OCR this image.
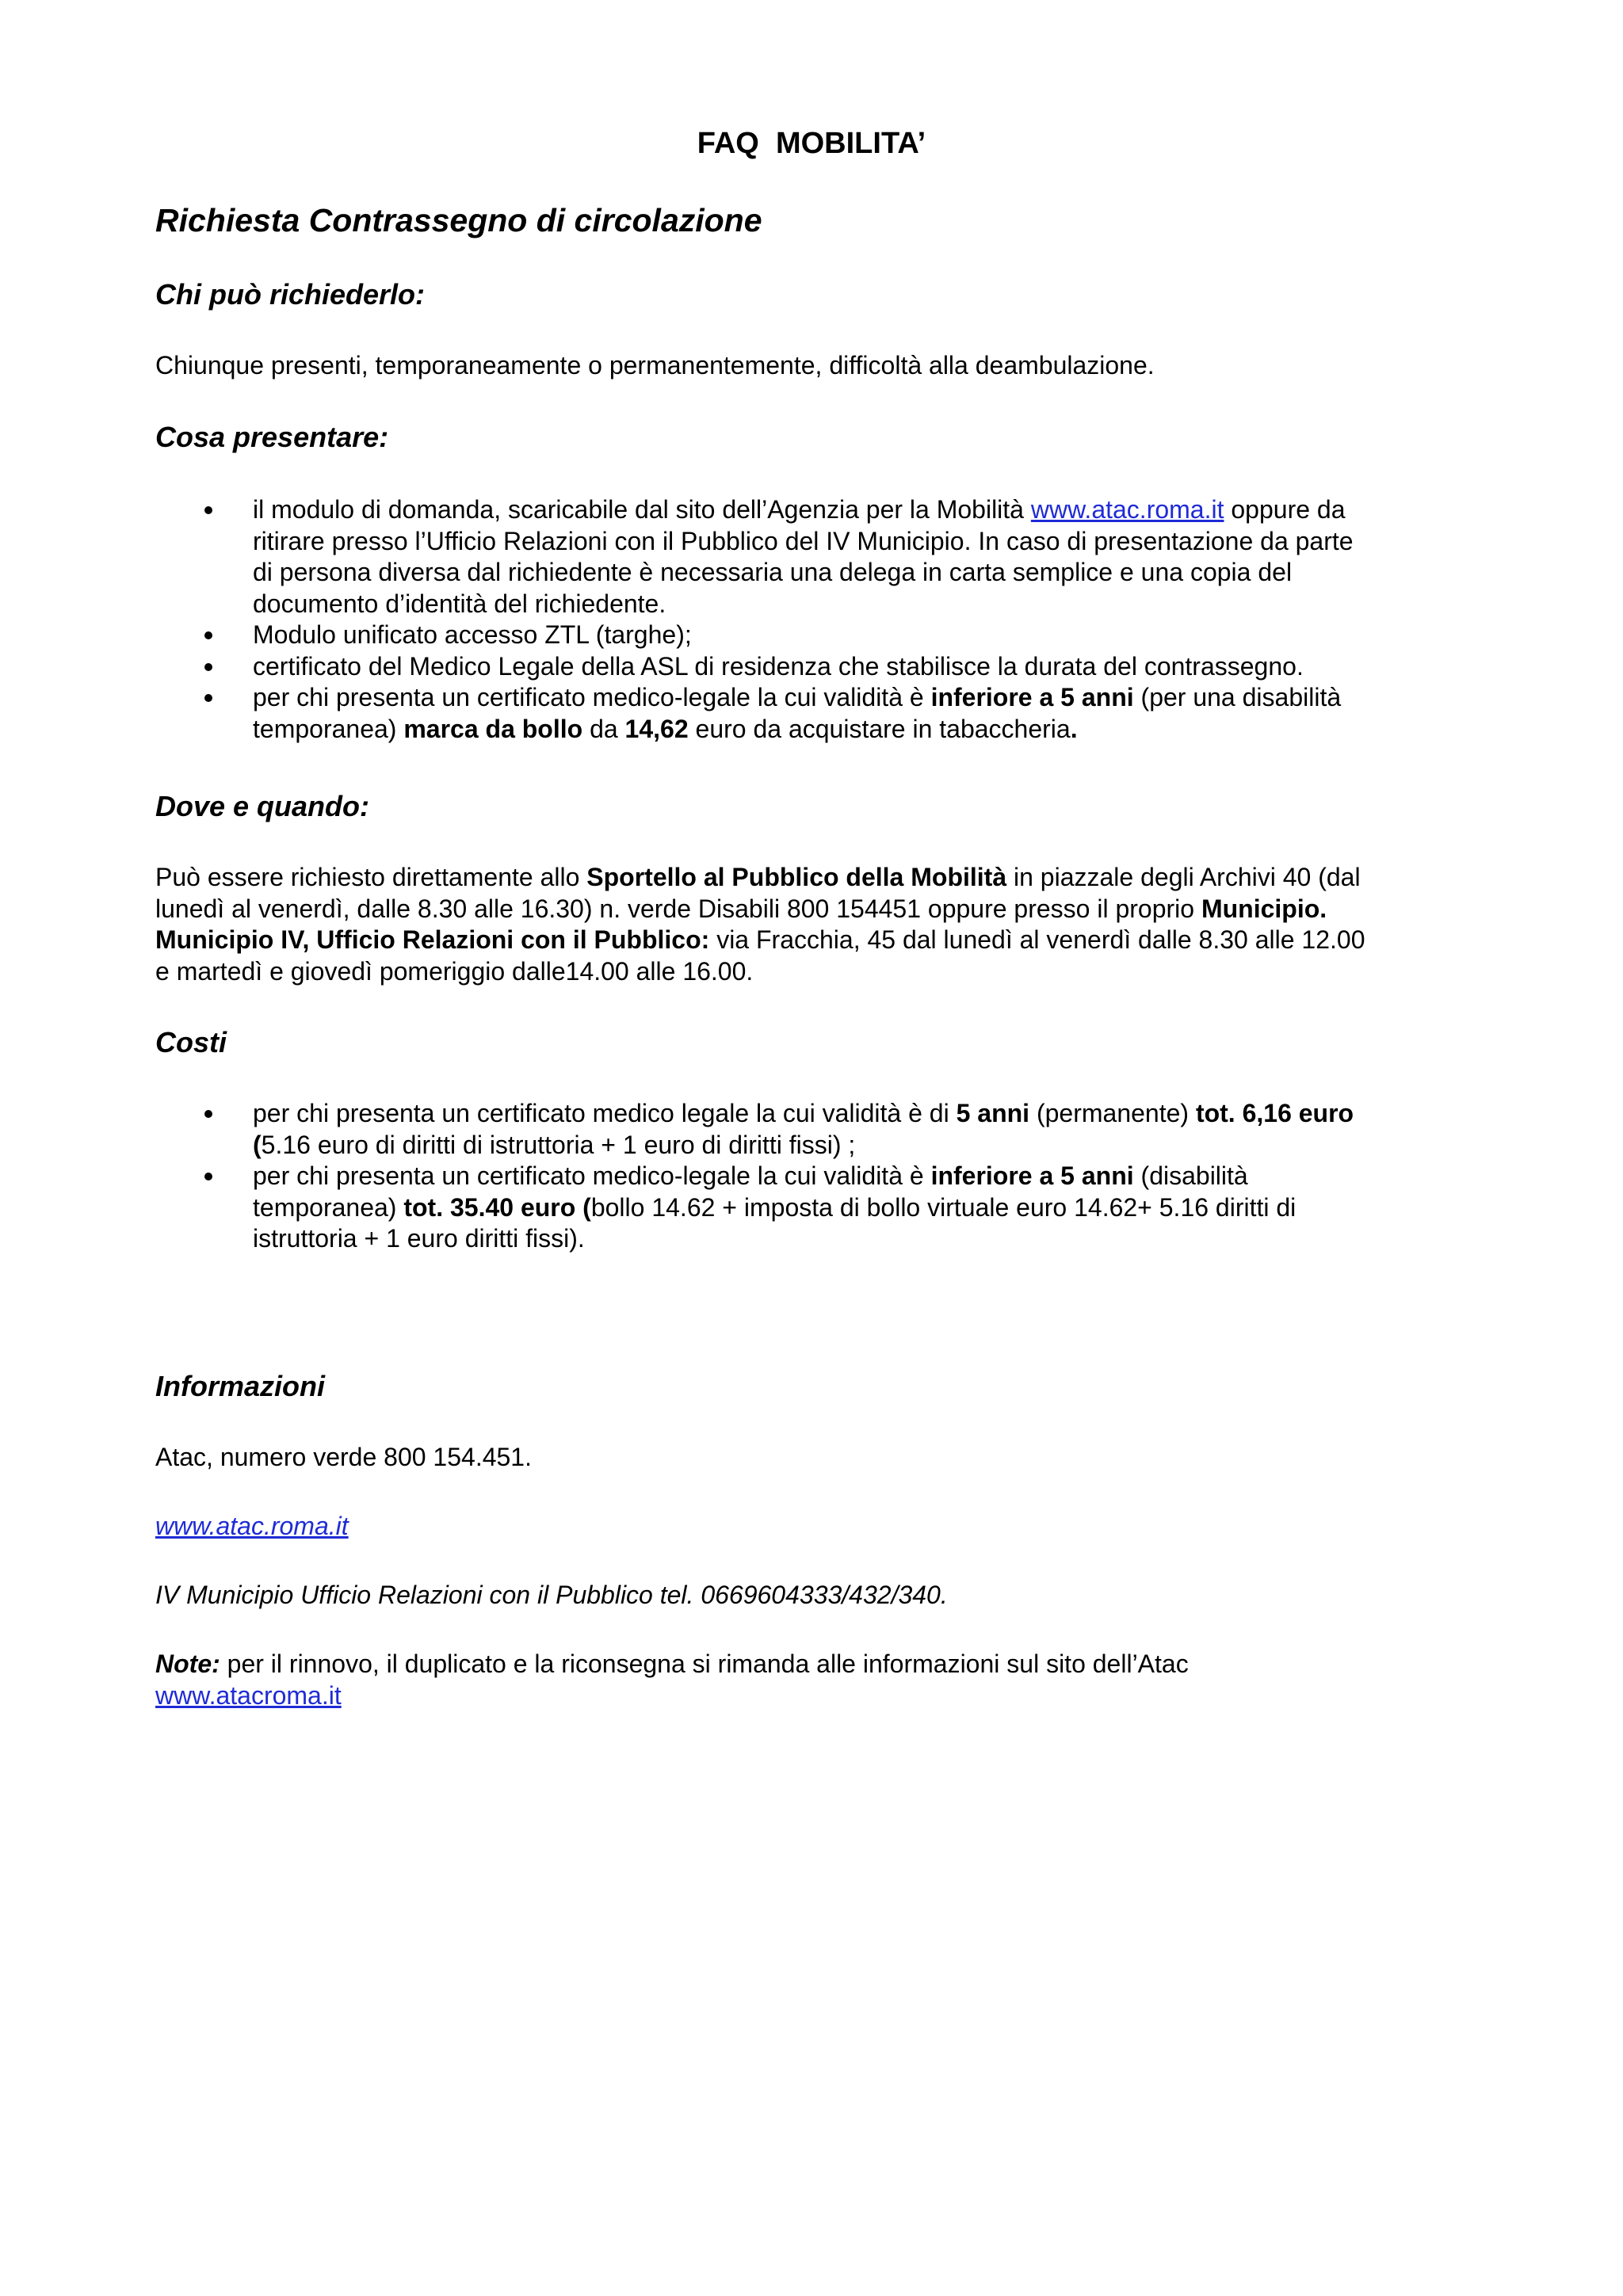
FAQ  MOBILITA’
Richiesta Contrassegno di circolazione
Chi può richiederlo:
Chiunque presenti, temporaneamente o permanentemente, difficoltà alla deambulazione.
Cosa presentare:
il modulo di domanda, scaricabile dal sito dell’Agenzia per la Mobilità www.atac.roma.it oppure da
ritirare presso l’Ufficio Relazioni con il Pubblico del IV Municipio. In caso di presentazione da parte
di persona diversa dal richiedente è necessaria una delega in carta semplice e una copia del
documento d’identità del richiedente.
Modulo unificato accesso ZTL (targhe);
certificato del Medico Legale della ASL di residenza che stabilisce la durata del contrassegno.
per chi presenta un certificato medico-legale la cui validità è inferiore a 5 anni (per una disabilità
temporanea) marca da bollo da 14,62 euro da acquistare in tabaccheria.
Dove e quando:
Può essere richiesto direttamente allo Sportello al Pubblico della Mobilità in piazzale degli Archivi 40 (dal
lunedì al venerdì, dalle 8.30 alle 16.30) n. verde Disabili 800 154451 oppure presso il proprio Municipio.
Municipio IV, Ufficio Relazioni con il Pubblico: via Fracchia, 45 dal lunedì al venerdì dalle 8.30 alle 12.00
e martedì e giovedì pomeriggio dalle14.00 alle 16.00.
Costi
per chi presenta un certificato medico legale la cui validità è di 5 anni (permanente) tot. 6,16 euro
(5.16 euro di diritti di istruttoria + 1 euro di diritti fissi) ;
per chi presenta un certificato medico-legale la cui validità è inferiore a 5 anni (disabilità
temporanea) tot. 35.40 euro (bollo 14.62 + imposta di bollo virtuale euro 14.62+ 5.16 diritti di
istruttoria + 1 euro diritti fissi).
Informazioni
Atac, numero verde 800 154.451.
www.atac.roma.it
IV Municipio Ufficio Relazioni con il Pubblico tel. 0669604333/432/340.
Note: per il rinnovo, il duplicato e la riconsegna si rimanda alle informazioni sul sito dell’Atac
www.atacroma.it
